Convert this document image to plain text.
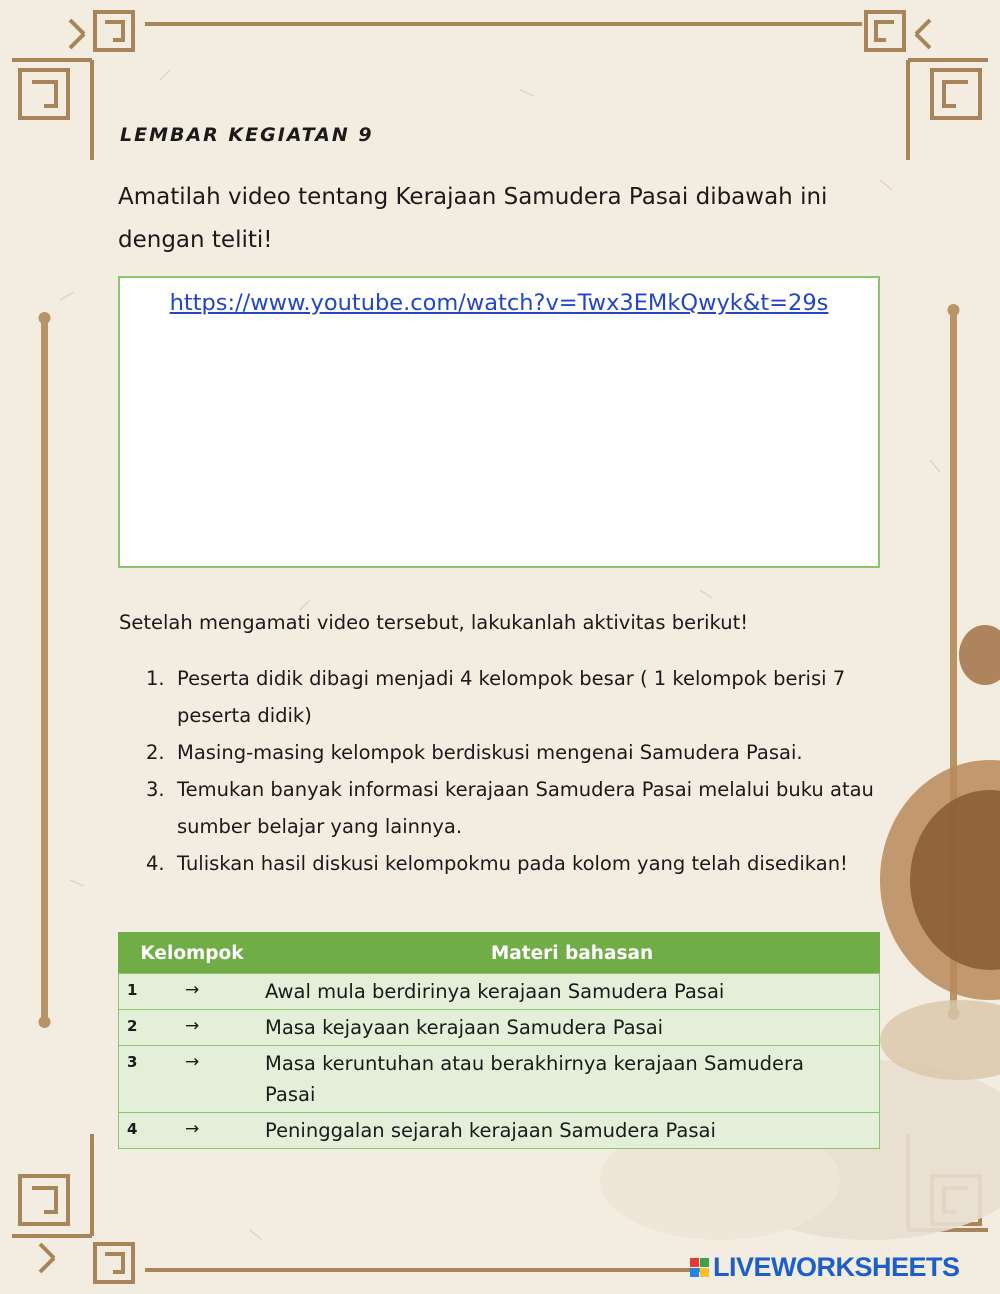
LEMBAR KEGIATAN 9
Amatilah video tentang Kerajaan Samudera Pasai dibawah ini dengan teliti!
https://www.youtube.com/watch?v=Twx3EMkQwyk&t=29s
Setelah mengamati video tersebut, lakukanlah aktivitas berikut!
1. Peserta didik dibagi menjadi 4 kelompok besar ( 1 kelompok berisi 7 peserta didik)
2. Masing-masing kelompok berdiskusi mengenai Samudera Pasai.
3. Temukan banyak informasi kerajaan Samudera Pasai melalui buku atau sumber belajar yang lainnya.
4. Tuliskan hasil diskusi kelompokmu pada kolom yang telah disedikan!
Kelompok		Materi bahasan
1	→	Awal mula berdirinya kerajaan Samudera Pasai
2	→	Masa kejayaan kerajaan Samudera Pasai
3	→	Masa keruntuhan atau berakhirnya kerajaan Samudera Pasai
4	→	Peninggalan sejarah kerajaan Samudera Pasai
LIVEWORKSHEETS
